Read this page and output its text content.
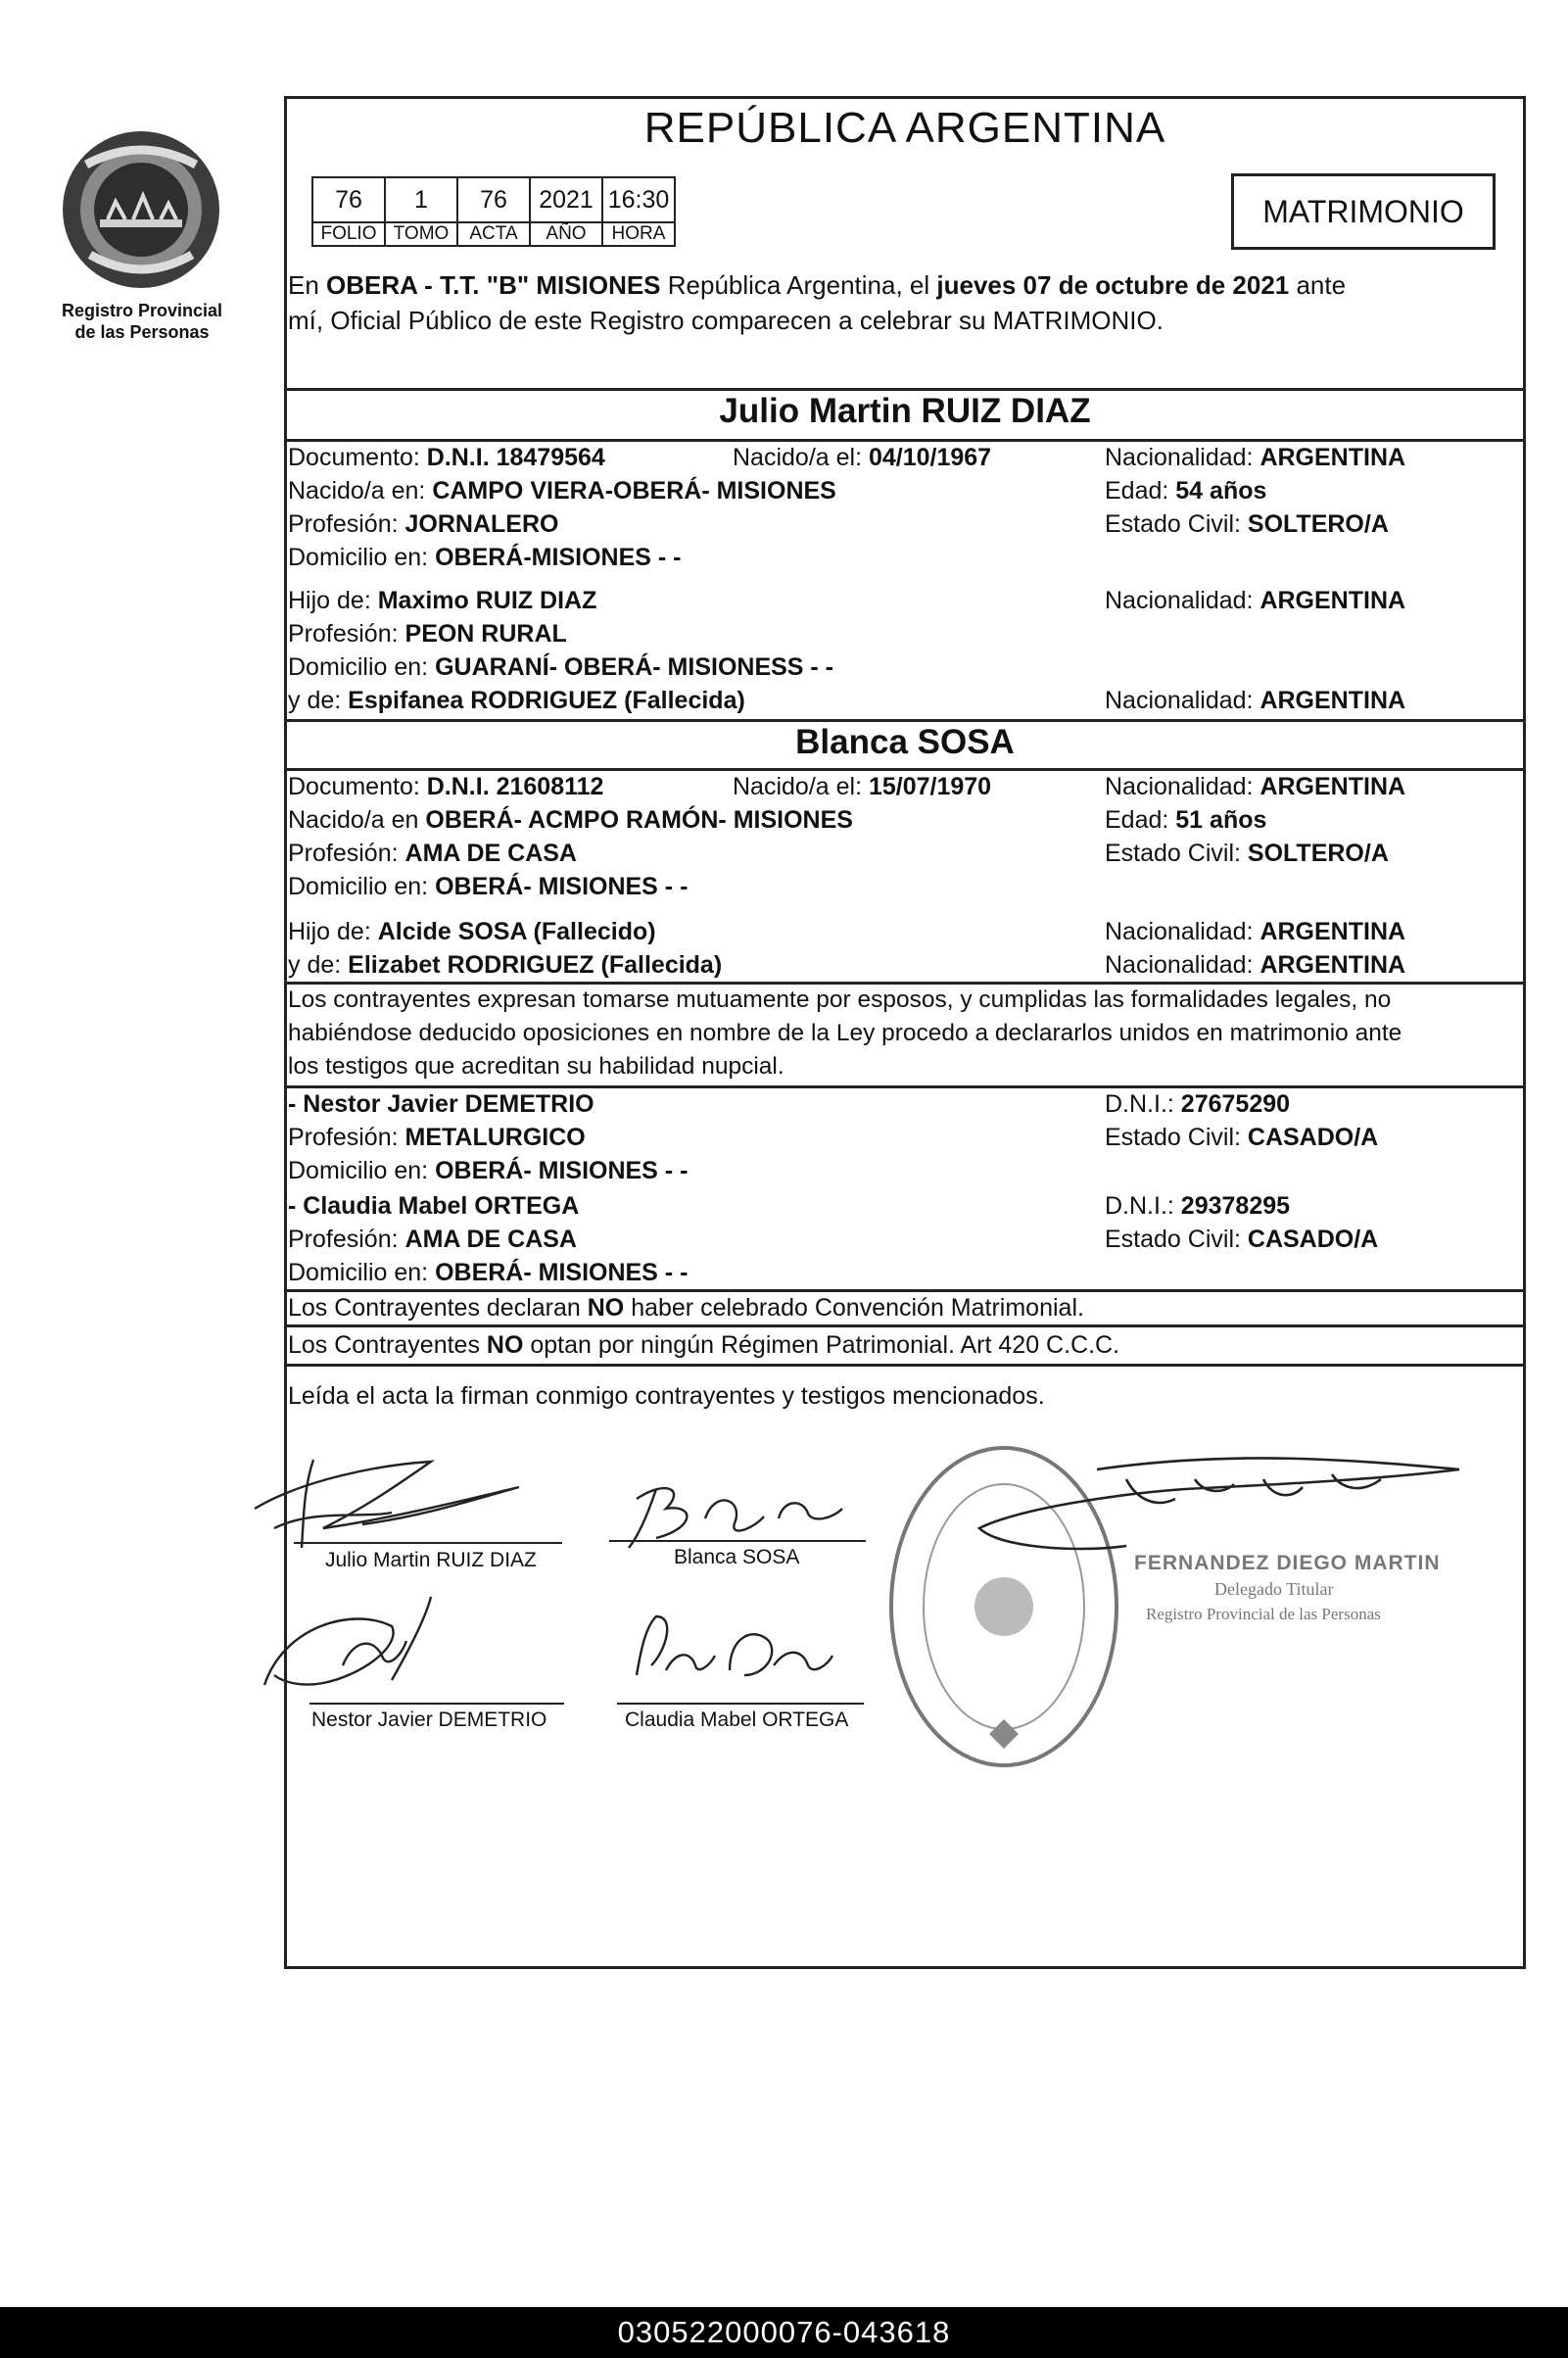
Registro Provincial
de las Personas
REPÚBLICA ARGENTINA
76	1	76	2021	16:30
FOLIO	TOMO	ACTA	AÑO	HORA
MATRIMONIO
En OBERA - T.T. "B" MISIONES República Argentina, el jueves 07 de octubre de 2021 ante
mí, Oficial Público de este Registro comparecen a celebrar su MATRIMONIO.
Julio Martin RUIZ DIAZ
Documento: D.N.I. 18479564	Nacido/a el: 04/10/1967	Nacionalidad: ARGENTINA
Nacido/a en: CAMPO VIERA-OBERÁ- MISIONES	Edad: 54 años
Profesión: JORNALERO	Estado Civil: SOLTERO/A
Domicilio en: OBERÁ-MISIONES - -
Hijo de: Maximo RUIZ DIAZ	Nacionalidad: ARGENTINA
Profesión: PEON RURAL
Domicilio en: GUARANÍ- OBERÁ- MISIONESS - -
y de: Espifanea RODRIGUEZ (Fallecida)	Nacionalidad: ARGENTINA
Blanca SOSA
Documento: D.N.I. 21608112	Nacido/a el: 15/07/1970	Nacionalidad: ARGENTINA
Nacido/a en OBERÁ- ACMPO RAMÓN- MISIONES	Edad: 51 años
Profesión: AMA DE CASA	Estado Civil: SOLTERO/A
Domicilio en: OBERÁ- MISIONES - -
Hijo de: Alcide SOSA (Fallecido)	Nacionalidad: ARGENTINA
y de: Elizabet RODRIGUEZ (Fallecida)	Nacionalidad: ARGENTINA
Los contrayentes expresan tomarse mutuamente por esposos, y cumplidas las formalidades legales, no
habiéndose deducido oposiciones en nombre de la Ley procedo a declararlos unidos en matrimonio ante
los testigos que acreditan su habilidad nupcial.
- Nestor Javier DEMETRIO	D.N.I.: 27675290
Profesión: METALURGICO	Estado Civil: CASADO/A
Domicilio en: OBERÁ- MISIONES - -
- Claudia Mabel ORTEGA	D.N.I.: 29378295
Profesión: AMA DE CASA	Estado Civil: CASADO/A
Domicilio en: OBERÁ- MISIONES - -
Los Contrayentes declaran NO haber celebrado Convención Matrimonial.
Los Contrayentes NO optan por ningún Régimen Patrimonial. Art 420 C.C.C.
Leída el acta la firman conmigo contrayentes y testigos mencionados.
Julio Martin RUIZ DIAZ	Blanca SOSA
Nestor Javier DEMETRIO	Claudia Mabel ORTEGA
FERNANDEZ DIEGO MARTIN
Delegado Titular
Registro Provincial de las Personas
030522000076-043618
